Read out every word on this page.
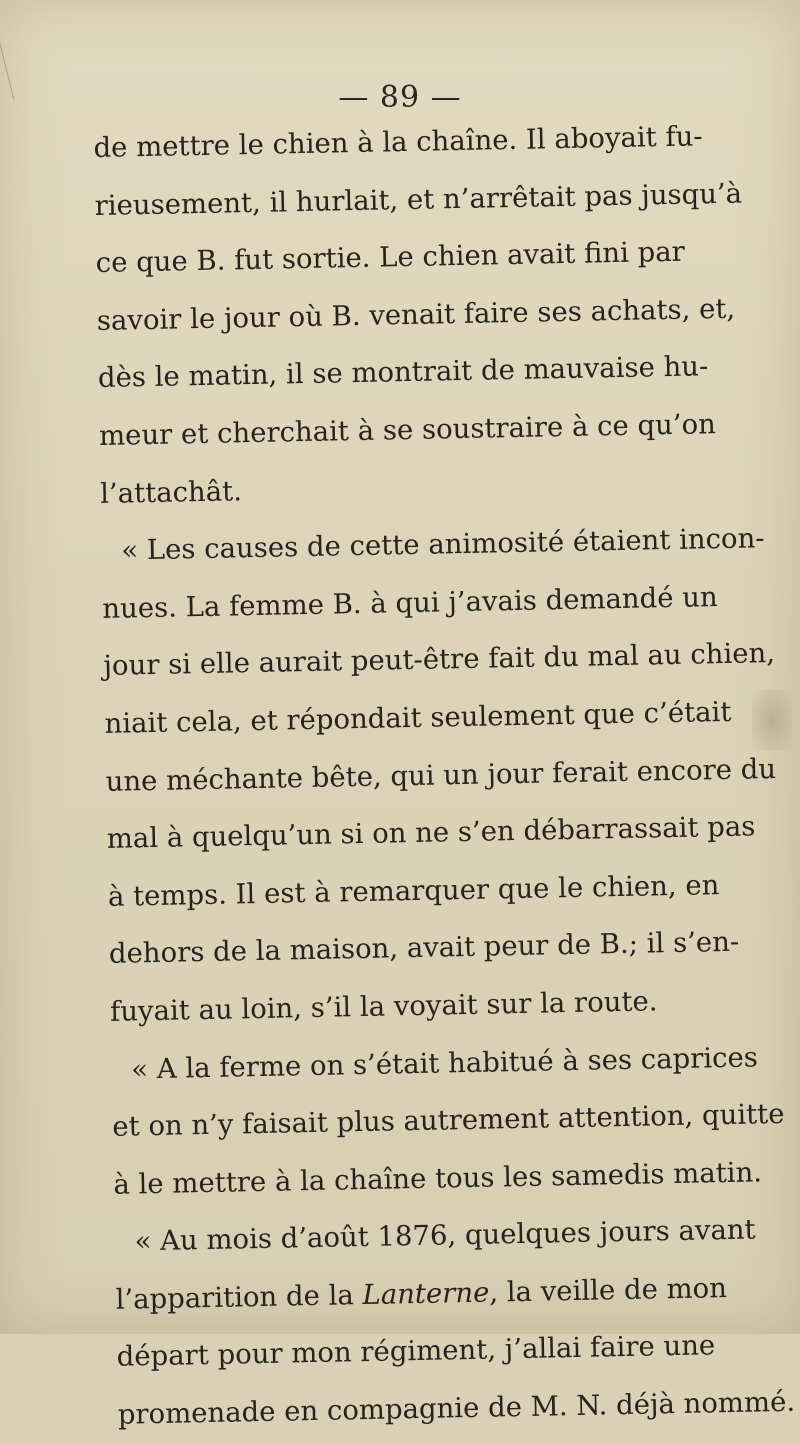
— 89 —
de mettre le chien à la chaîne. Il aboyait fu-
rieusement, il hurlait, et n’arrêtait pas jusqu’à
ce que B. fut sortie. Le chien avait fini par
savoir le jour où B. venait faire ses achats, et,
dès le matin, il se montrait de mauvaise hu-
meur et cherchait à se soustraire à ce qu’on
l’attachât.
« Les causes de cette animosité étaient incon-
nues. La femme B. à qui j’avais demandé un
jour si elle aurait peut-être fait du mal au chien,
niait cela, et répondait seulement que c’était
une méchante bête, qui un jour ferait encore du
mal à quelqu’un si on ne s’en débarrassait pas
à temps. Il est à remarquer que le chien, en
dehors de la maison, avait peur de B.; il s’en-
fuyait au loin, s’il la voyait sur la route.
« A la ferme on s’était habitué à ses caprices
et on n’y faisait plus autrement attention, quitte
à le mettre à la chaîne tous les samedis matin.
« Au mois d’août 1876, quelques jours avant
l’apparition de la Lanterne, la veille de mon
départ pour mon régiment, j’allai faire une
promenade en compagnie de M. N. déjà nommé.
